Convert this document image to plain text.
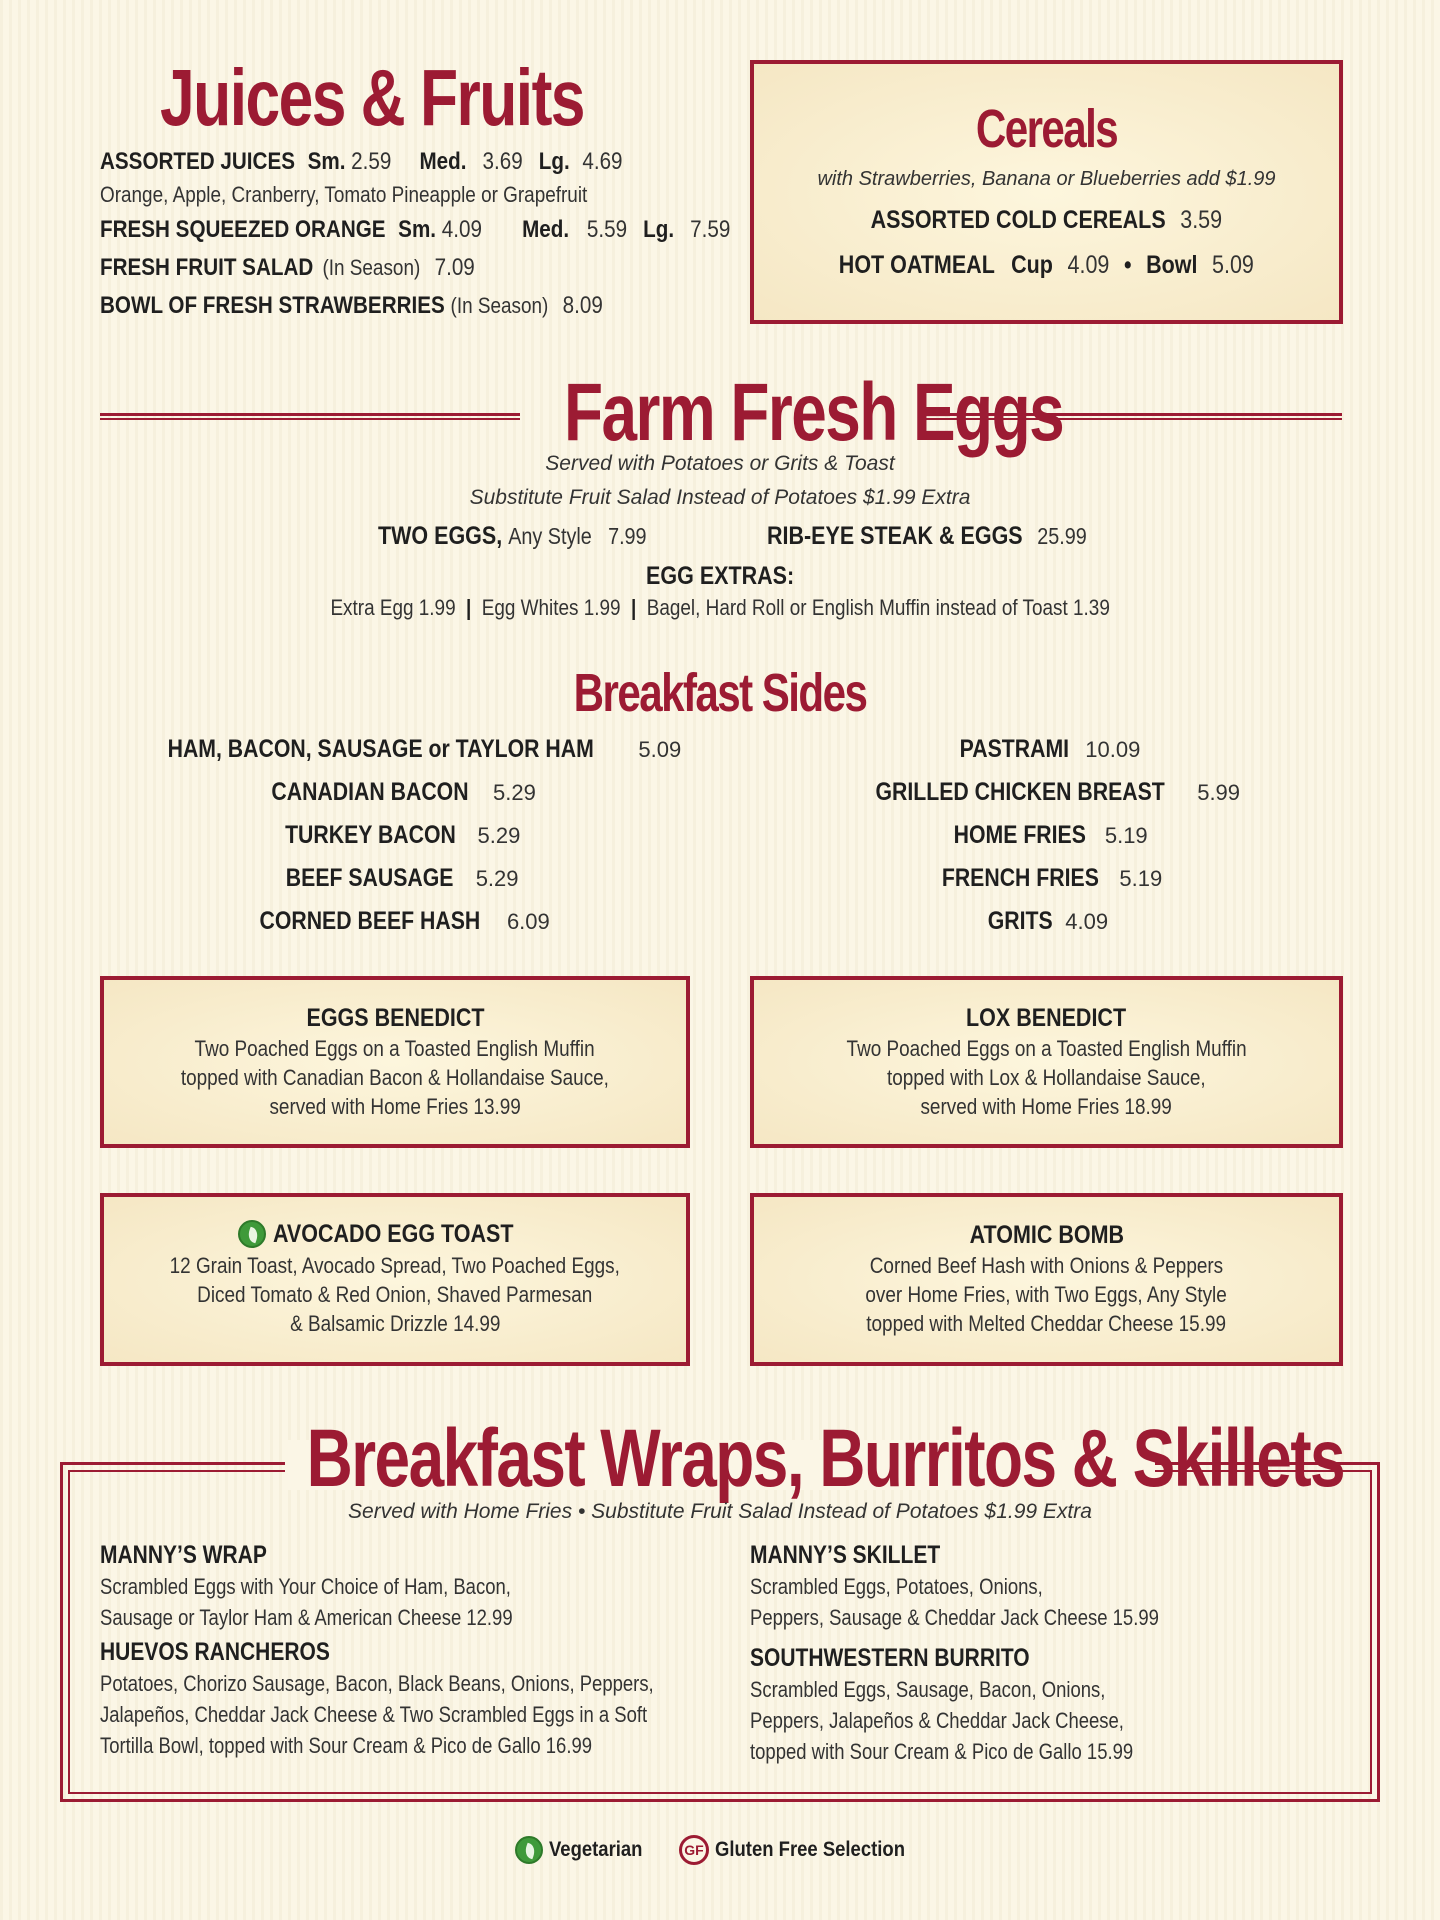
Juices & Fruits
ASSORTED JUICES Sm. 2.59 Med. 3.69 Lg. 4.69
Orange, Apple, Cranberry, Tomato Pineapple or Grapefruit
FRESH SQUEEZED ORANGE Sm. 4.09 Med. 5.59 Lg. 7.59
FRESH FRUIT SALAD (In Season) 7.09
BOWL OF FRESH STRAWBERRIES (In Season) 8.09
Cereals
with Strawberries, Banana or Blueberries add $1.99
ASSORTED COLD CEREALS 3.59
HOT OATMEAL Cup 4.09 • Bowl 5.09
Farm Fresh Eggs
Served with Potatoes or Grits & Toast
Substitute Fruit Salad Instead of Potatoes $1.99 Extra
TWO EGGS, Any Style 7.99	RIB-EYE STEAK & EGGS 25.99
EGG EXTRAS:
Extra Egg 1.99 | Egg Whites 1.99 | Bagel, Hard Roll or English Muffin instead of Toast 1.39
Breakfast Sides
HAM, BACON, SAUSAGE or TAYLOR HAM 5.09
CANADIAN BACON 5.29
TURKEY BACON 5.29
BEEF SAUSAGE 5.29
CORNED BEEF HASH 6.09
PASTRAMI 10.09
GRILLED CHICKEN BREAST 5.99
HOME FRIES 5.19
FRENCH FRIES 5.19
GRITS 4.09
EGGS BENEDICT
Two Poached Eggs on a Toasted English Muffin
topped with Canadian Bacon & Hollandaise Sauce,
served with Home Fries 13.99
LOX BENEDICT
Two Poached Eggs on a Toasted English Muffin
topped with Lox & Hollandaise Sauce,
served with Home Fries 18.99
AVOCADO EGG TOAST
12 Grain Toast, Avocado Spread, Two Poached Eggs,
Diced Tomato & Red Onion, Shaved Parmesan
& Balsamic Drizzle 14.99
ATOMIC BOMB
Corned Beef Hash with Onions & Peppers
over Home Fries, with Two Eggs, Any Style
topped with Melted Cheddar Cheese 15.99
Breakfast Wraps, Burritos & Skillets
Served with Home Fries • Substitute Fruit Salad Instead of Potatoes $1.99 Extra
MANNY’S WRAP
Scrambled Eggs with Your Choice of Ham, Bacon,
Sausage or Taylor Ham & American Cheese 12.99
HUEVOS RANCHEROS
Potatoes, Chorizo Sausage, Bacon, Black Beans, Onions, Peppers,
Jalapeños, Cheddar Jack Cheese & Two Scrambled Eggs in a Soft
Tortilla Bowl, topped with Sour Cream & Pico de Gallo 16.99
MANNY’S SKILLET
Scrambled Eggs, Potatoes, Onions,
Peppers, Sausage & Cheddar Jack Cheese 15.99
SOUTHWESTERN BURRITO
Scrambled Eggs, Sausage, Bacon, Onions,
Peppers, Jalapeños & Cheddar Jack Cheese,
topped with Sour Cream & Pico de Gallo 15.99
Vegetarian	GF Gluten Free Selection
